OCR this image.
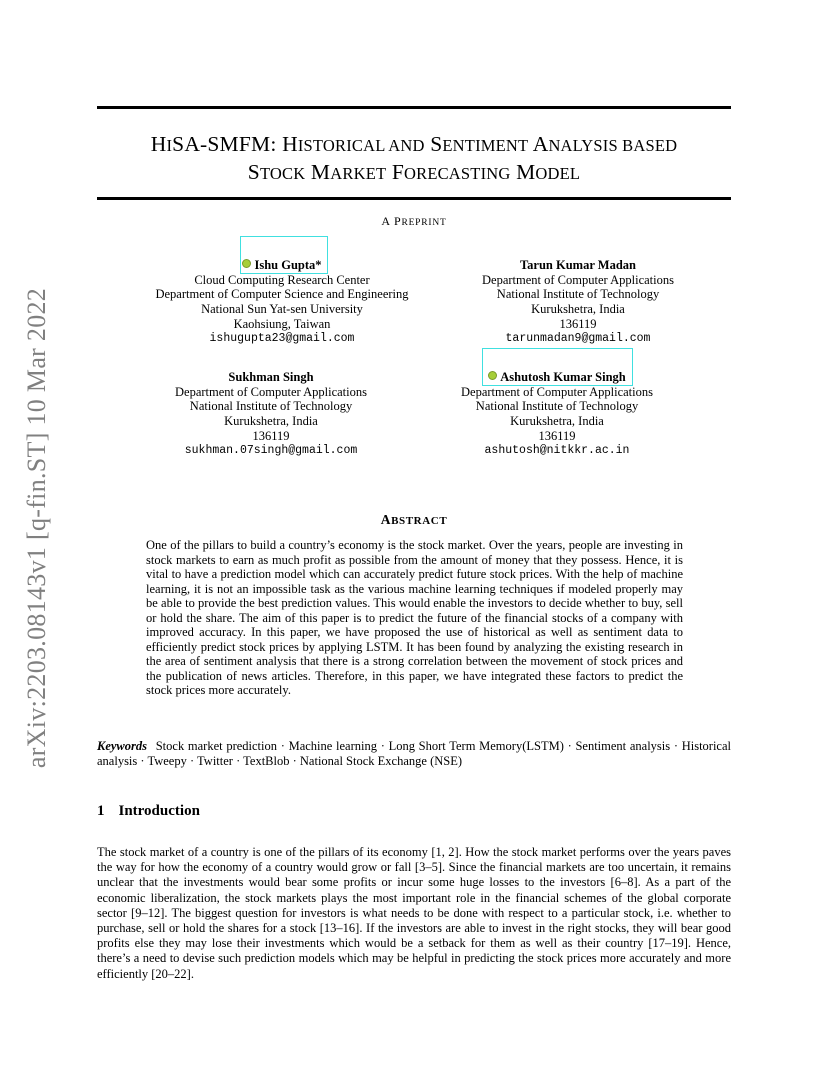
arXiv:2203.08143v1 [q-fin.ST] 10 Mar 2022
HISA-SMFM: HISTORICAL AND SENTIMENT ANALYSIS BASED
STOCK MARKET FORECASTING MODEL
A PREPRINT
Ishu Gupta*
Cloud Computing Research Center
Department of Computer Science and Engineering
National Sun Yat-sen University
Kaohsiung, Taiwan
ishugupta23@gmail.com
Tarun Kumar Madan
Department of Computer Applications
National Institute of Technology
Kurukshetra, India
136119
tarunmadan9@gmail.com
Sukhman Singh
Department of Computer Applications
National Institute of Technology
Kurukshetra, India
136119
sukhman.07singh@gmail.com
Ashutosh Kumar Singh
Department of Computer Applications
National Institute of Technology
Kurukshetra, India
136119
ashutosh@nitkkr.ac.in
ABSTRACT
One of the pillars to build a country’s economy is the stock market. Over the years, people are investing in stock markets to earn as much profit as possible from the amount of money that they possess. Hence, it is vital to have a prediction model which can accurately predict future stock prices. With the help of machine learning, it is not an impossible task as the various machine learning techniques if modeled properly may be able to provide the best prediction values. This would enable the investors to decide whether to buy, sell or hold the share. The aim of this paper is to predict the future of the financial stocks of a company with improved accuracy. In this paper, we have proposed the use of historical as well as sentiment data to efficiently predict stock prices by applying LSTM. It has been found by analyzing the existing research in the area of sentiment analysis that there is a strong correlation between the movement of stock prices and the publication of news articles. Therefore, in this paper, we have integrated these factors to predict the stock prices more accurately.
Keywords Stock market prediction · Machine learning · Long Short Term Memory(LSTM) · Sentiment analysis · Historical analysis · Tweepy · Twitter · TextBlob · National Stock Exchange (NSE)
1 Introduction
The stock market of a country is one of the pillars of its economy [1, 2]. How the stock market performs over the years paves the way for how the economy of a country would grow or fall [3–5]. Since the financial markets are too uncertain, it remains unclear that the investments would bear some profits or incur some huge losses to the investors [6–8]. As a part of the economic liberalization, the stock markets plays the most important role in the financial schemes of the global corporate sector [9–12]. The biggest question for investors is what needs to be done with respect to a particular stock, i.e. whether to purchase, sell or hold the shares for a stock [13–16]. If the investors are able to invest in the right stocks, they will bear good profits else they may lose their investments which would be a setback for them as well as their country [17–19]. Hence, there’s a need to devise such prediction models which may be helpful in predicting the stock prices more accurately and more efficiently [20–22].
